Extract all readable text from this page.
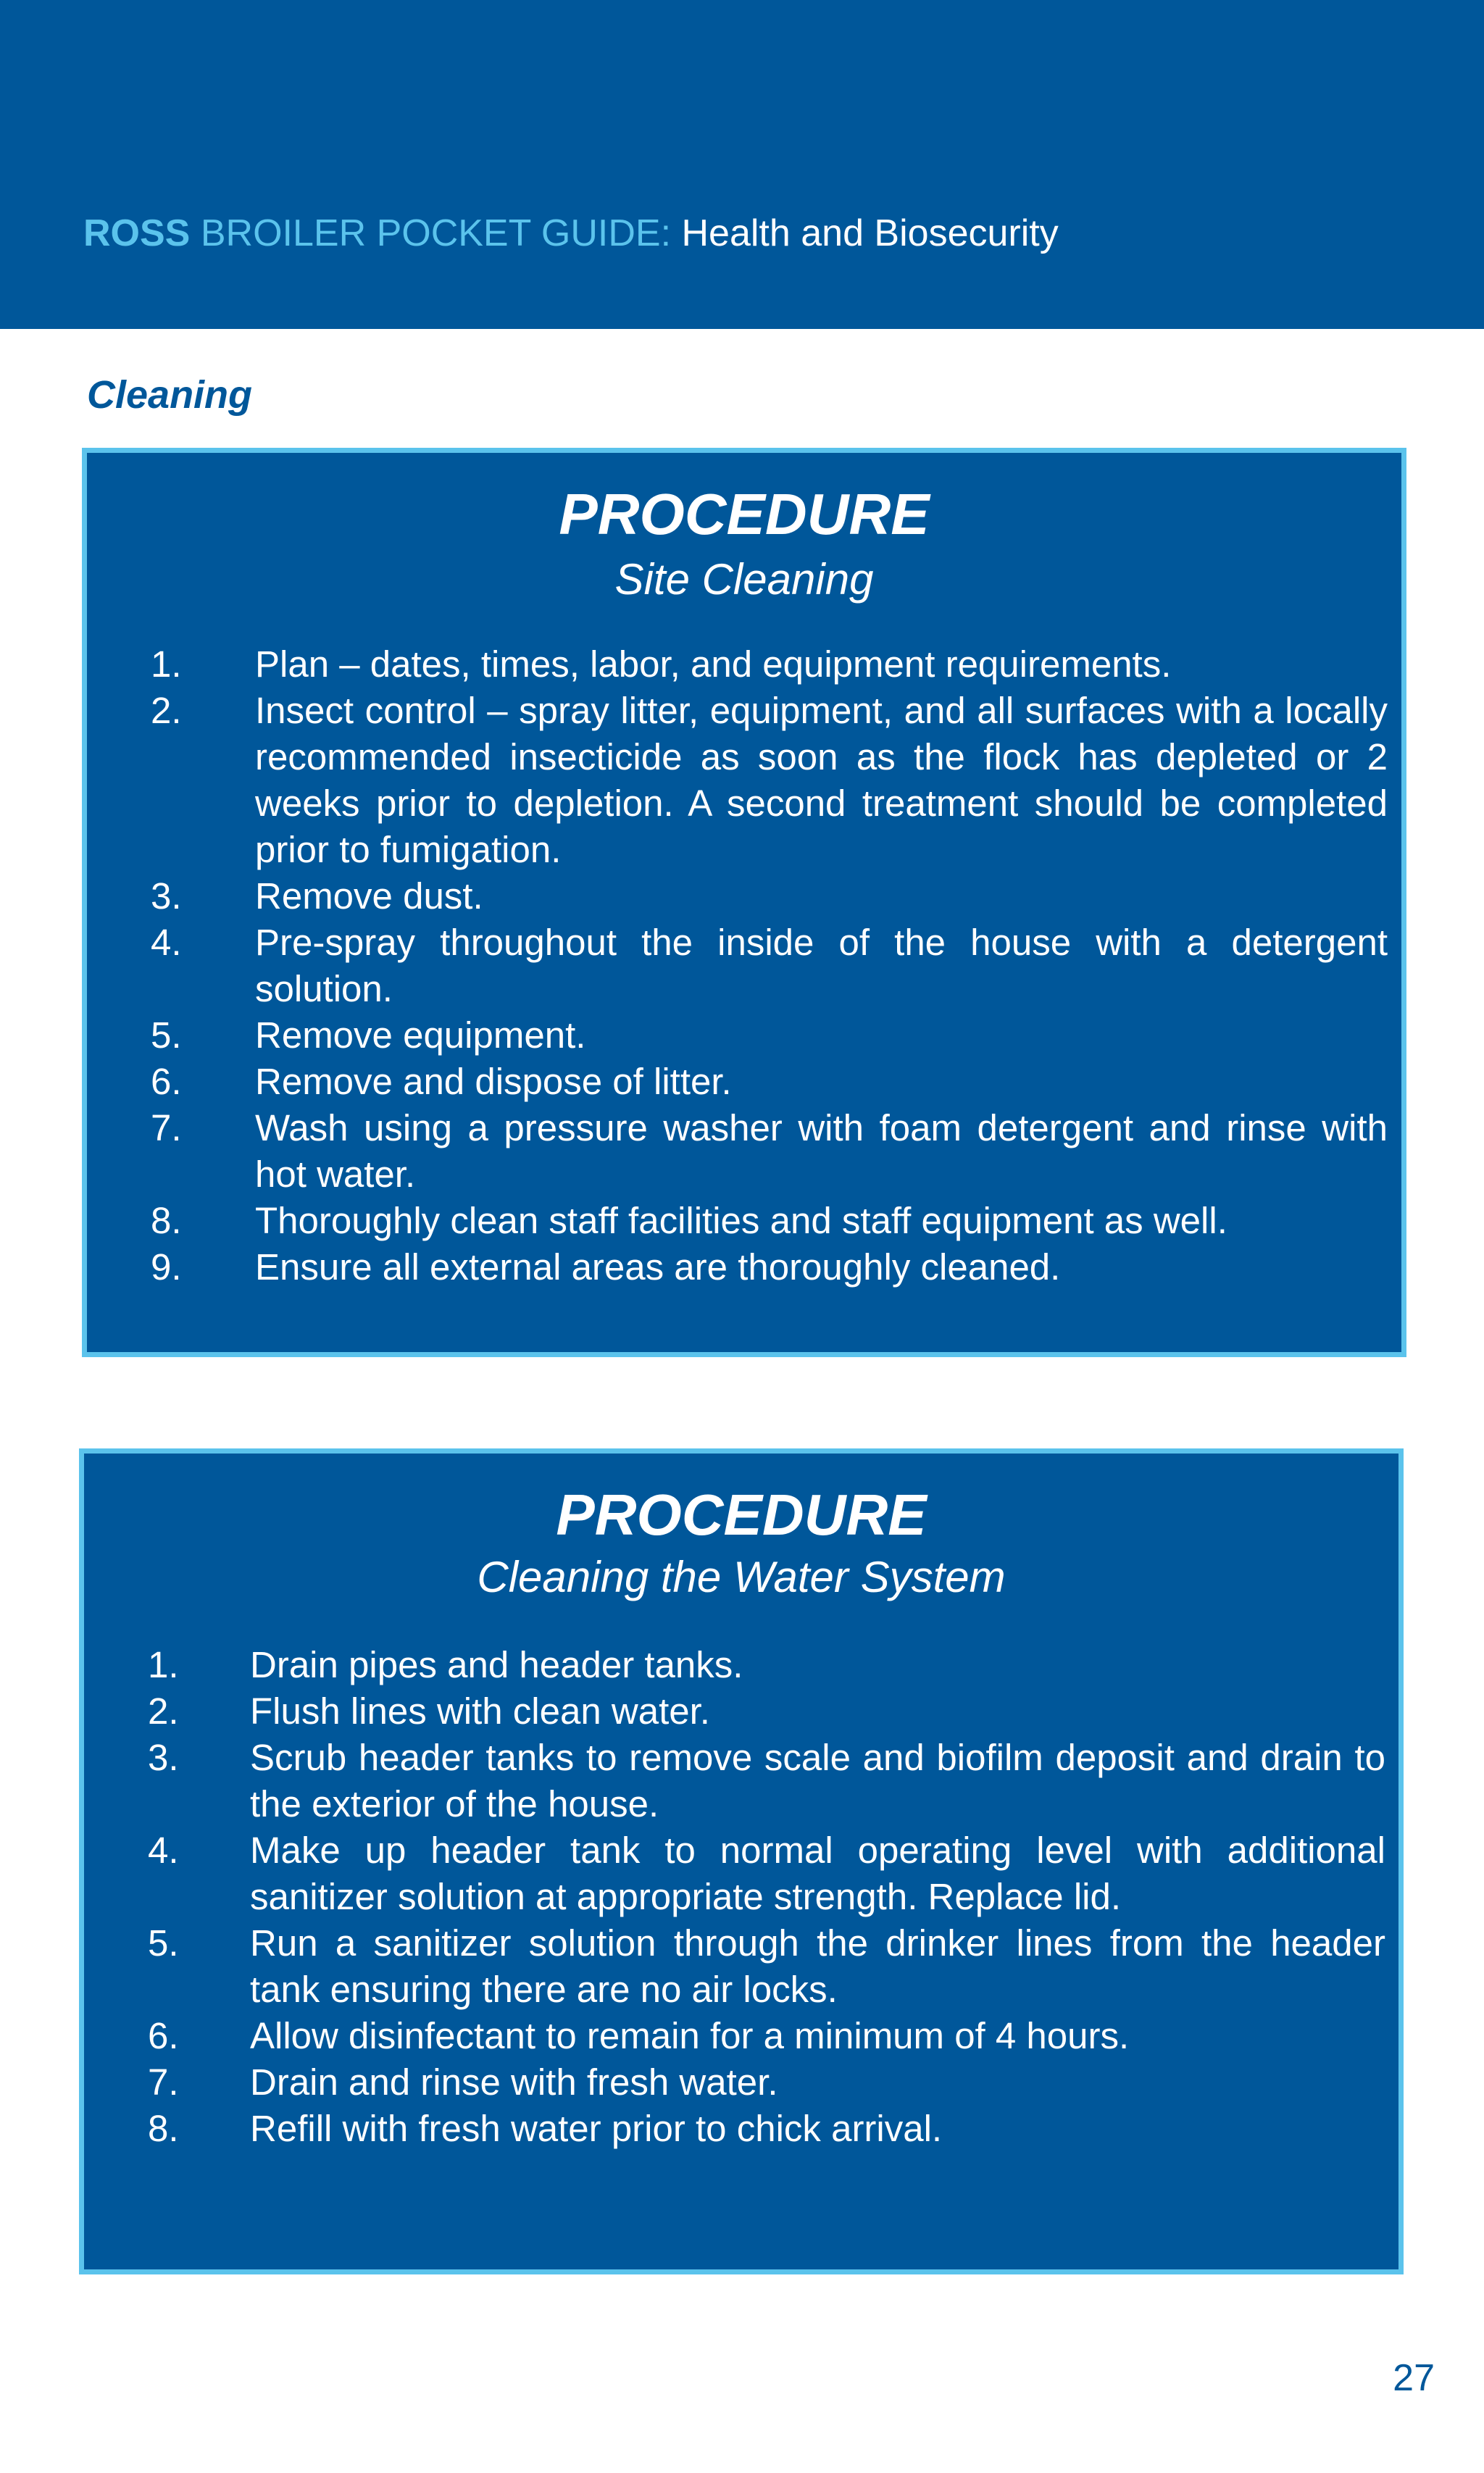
ROSS BROILER POCKET GUIDE: Health and Biosecurity
Cleaning
PROCEDURE
Site Cleaning
1. Plan – dates, times, labor, and equipment requirements.
2. Insect control – spray litter, equipment, and all surfaces with a locally recommended insecticide as soon as the flock has depleted or 2 weeks prior to depletion. A second treatment should be completed prior to fumigation.
3. Remove dust.
4. Pre-spray throughout the inside of the house with a detergent solution.
5. Remove equipment.
6. Remove and dispose of litter.
7. Wash using a pressure washer with foam detergent and rinse with hot water.
8. Thoroughly clean staff facilities and staff equipment as well.
9. Ensure all external areas are thoroughly cleaned.
PROCEDURE
Cleaning the Water System
1. Drain pipes and header tanks.
2. Flush lines with clean water.
3. Scrub header tanks to remove scale and biofilm deposit and drain to the exterior of the house.
4. Make up header tank to normal operating level with additional sanitizer solution at appropriate strength. Replace lid.
5. Run a sanitizer solution through the drinker lines from the header tank ensuring there are no air locks.
6. Allow disinfectant to remain for a minimum of 4 hours.
7. Drain and rinse with fresh water.
8. Refill with fresh water prior to chick arrival.
27
